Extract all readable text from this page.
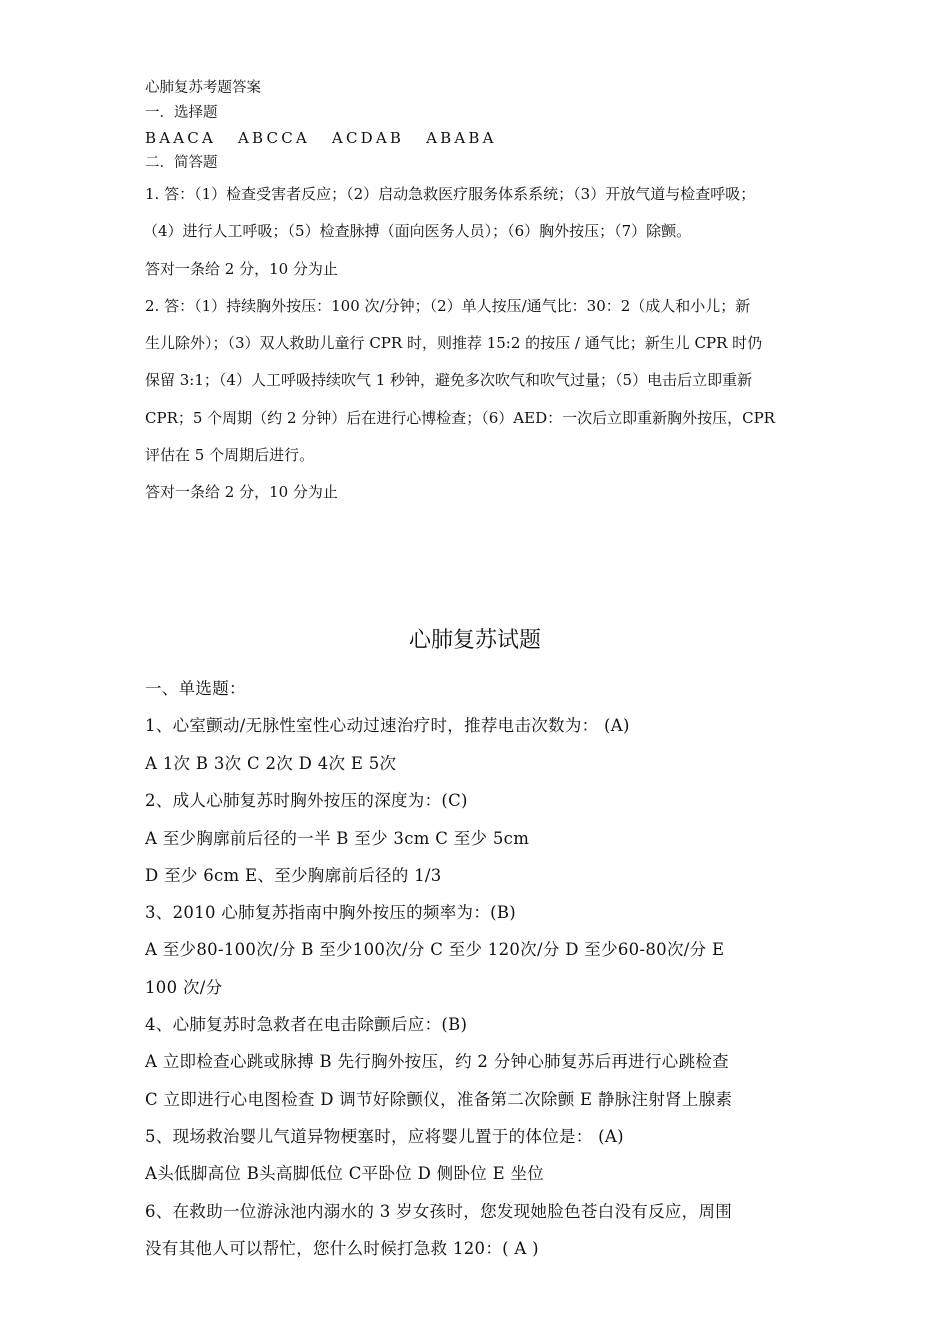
心肺复苏考题答案
一．选择题
BAACA ABCCA ACDAB ABABA
二．简答题
1. 答：（1）检查受害者反应；（2）启动急救医疗服务体系系统；（3）开放气道与检查呼吸；
（4）进行人工呼吸；（5）检查脉搏（面向医务人员）；（6）胸外按压；（7）除颤。
答对一条给 2 分，10 分为止
2. 答：（1）持续胸外按压：100 次/分钟；（2）单人按压/通气比：30：2（成人和小儿；新
生儿除外）；（3）双人救助儿童行 CPR 时，则推荐 15:2 的按压 / 通气比；新生儿 CPR 时仍
保留 3:1；（4）人工呼吸持续吹气 1 秒钟，避免多次吹气和吹气过量；（5）电击后立即重新
CPR；5 个周期（约 2 分钟）后在进行心博检查；（6）AED：一次后立即重新胸外按压，CPR
评估在 5 个周期后进行。
答对一条给 2 分，10 分为止
心肺复苏试题
一、单选题：
1、心室颤动/无脉性室性心动过速治疗时，推荐电击次数为： (A)
A 1次 B 3次 C 2次 D 4次 E 5次
2、成人心肺复苏时胸外按压的深度为：(C)
A 至少胸廓前后径的一半 B 至少 3cm C 至少 5cm
D 至少 6cm E、至少胸廓前后径的 1/3
3、2010 心肺复苏指南中胸外按压的频率为：(B)
A 至少80-100次/分 B 至少100次/分 C 至少 120次/分 D 至少60-80次/分 E
100 次/分
4、心肺复苏时急救者在电击除颤后应：(B)
A 立即检查心跳或脉搏 B 先行胸外按压，约 2 分钟心肺复苏后再进行心跳检查
C 立即进行心电图检查 D 调节好除颤仪，准备第二次除颤 E 静脉注射肾上腺素
5、现场救治婴儿气道异物梗塞时，应将婴儿置于的体位是： (A)
A头低脚高位 B头高脚低位 C平卧位 D 侧卧位 E 坐位
6、在救助一位游泳池内溺水的 3 岁女孩时，您发现她脸色苍白没有反应，周围
没有其他人可以帮忙，您什么时候打急救 120：( A )
